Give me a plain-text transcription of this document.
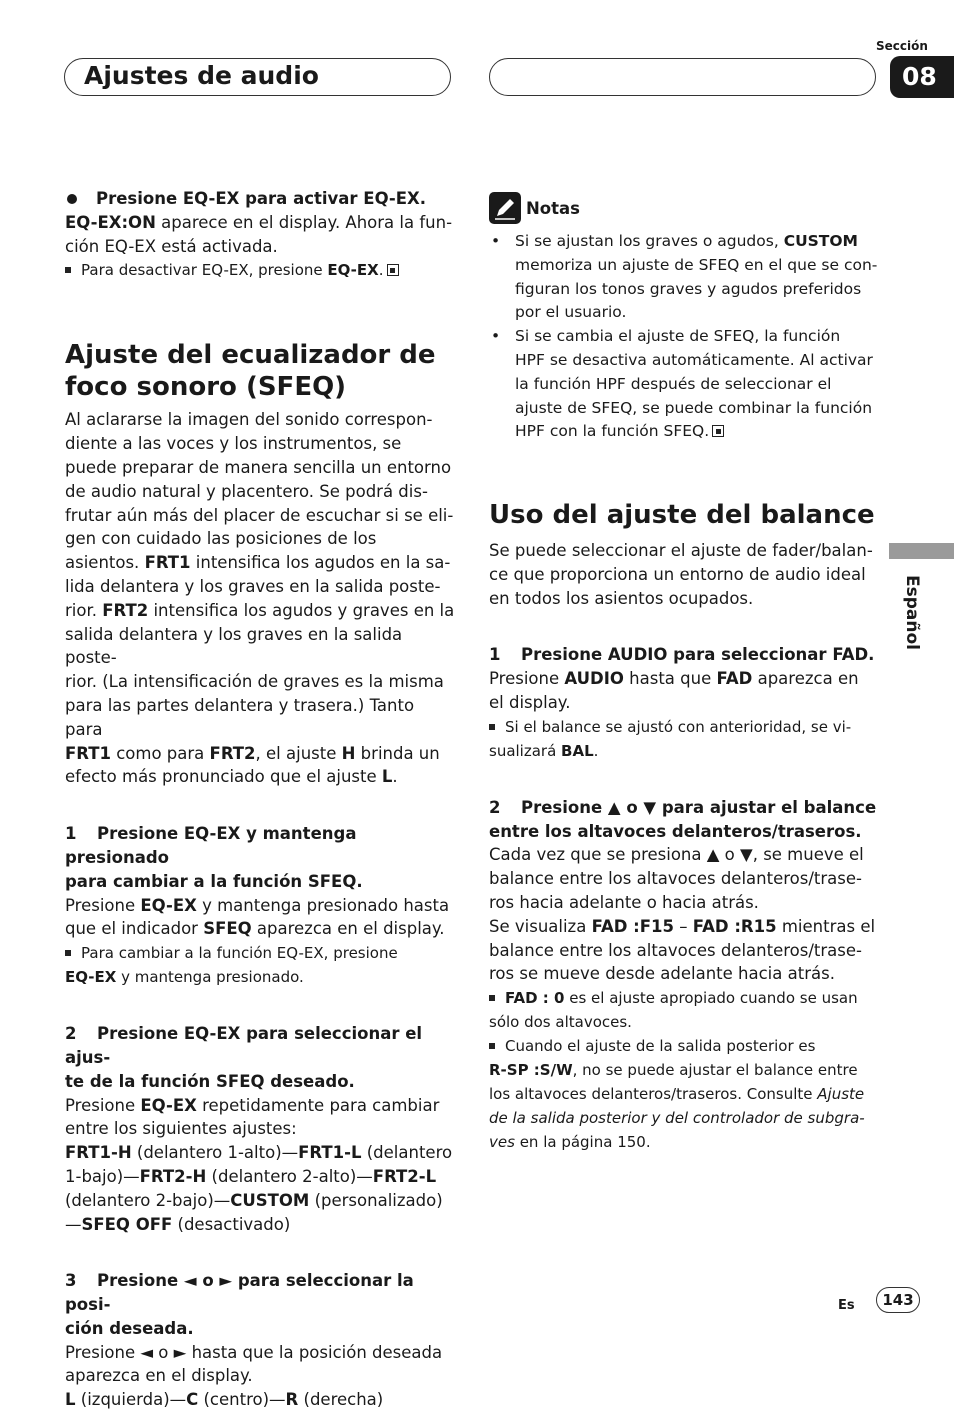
Ajustes de audio
Sección
08
Español

Presione EQ-EX para activar EQ-EX.

EQ-EX:ON aparece en el display. Ahora la fun-

ción EQ-EX está activada.

Para desactivar EQ-EX, presione EQ-EX.

Ajuste del ecualizador de

foco sonoro (SFEQ)

Al aclararse la imagen del sonido correspon-

diente a las voces y los instrumentos, se

puede preparar de manera sencilla un entorno

de audio natural y placentero. Se podrá dis-

frutar aún más del placer de escuchar si se eli-

gen con cuidado las posiciones de los

asientos. FRT1 intensifica los agudos en la sa-

lida delantera y los graves en la salida poste-

rior. FRT2 intensifica los agudos y graves en la

salida delantera y los graves en la salida poste-

rior. (La intensificación de graves es la misma

para las partes delantera y trasera.) Tanto para

FRT1 como para FRT2, el ajuste H brinda un

efecto más pronunciado que el ajuste L.

1 Presione EQ-EX y mantenga presionado

para cambiar a la función SFEQ.

Presione EQ-EX y mantenga presionado hasta

que el indicador SFEQ aparezca en el display.

Para cambiar a la función EQ-EX, presione

EQ-EX y mantenga presionado.

2 Presione EQ-EX para seleccionar el ajus-

te de la función SFEQ deseado.

Presione EQ-EX repetidamente para cambiar

entre los siguientes ajustes:

FRT1-H (delantero 1-alto)—FRT1-L (delantero

1-bajo)—FRT2-H (delantero 2-alto)—FRT2-L

(delantero 2-bajo)—CUSTOM (personalizado)

—SFEQ OFF (desactivado)

3 Presione ◄ o ► para seleccionar la posi-

ción deseada.

Presione ◄ o ► hasta que la posición deseada

aparezca en el display.

L (izquierda)—C (centro)—R (derecha)

Notas
• Si se ajustan los graves o agudos, CUSTOM

memoriza un ajuste de SFEQ en el que se con-

figuran los tonos graves y agudos preferidos

por el usuario.

• Si se cambia el ajuste de SFEQ, la función

HPF se desactiva automáticamente. Al activar

la función HPF después de seleccionar el

ajuste de SFEQ, se puede combinar la función

HPF con la función SFEQ.

Uso del ajuste del balance

Se puede seleccionar el ajuste de fader/balan-

ce que proporciona un entorno de audio ideal

en todos los asientos ocupados.

1 Presione AUDIO para seleccionar FAD.

Presione AUDIO hasta que FAD aparezca en

el display.

Si el balance se ajustó con anterioridad, se vi-

sualizará BAL.

2 Presione ▲ o ▼ para ajustar el balance

entre los altavoces delanteros/traseros.

Cada vez que se presiona ▲ o ▼, se mueve el

balance entre los altavoces delanteros/trase-

ros hacia adelante o hacia atrás.

Se visualiza FAD :F15 – FAD :R15 mientras el

balance entre los altavoces delanteros/trase-

ros se mueve desde adelante hacia atrás.

FAD : 0 es el ajuste apropiado cuando se usan

sólo dos altavoces.

Cuando el ajuste de la salida posterior es

R-SP :S/W, no se puede ajustar el balance entre

los altavoces delanteros/traseros. Consulte Ajuste

de la salida posterior y del controlador de subgra-

ves en la página 150.

Es	143
